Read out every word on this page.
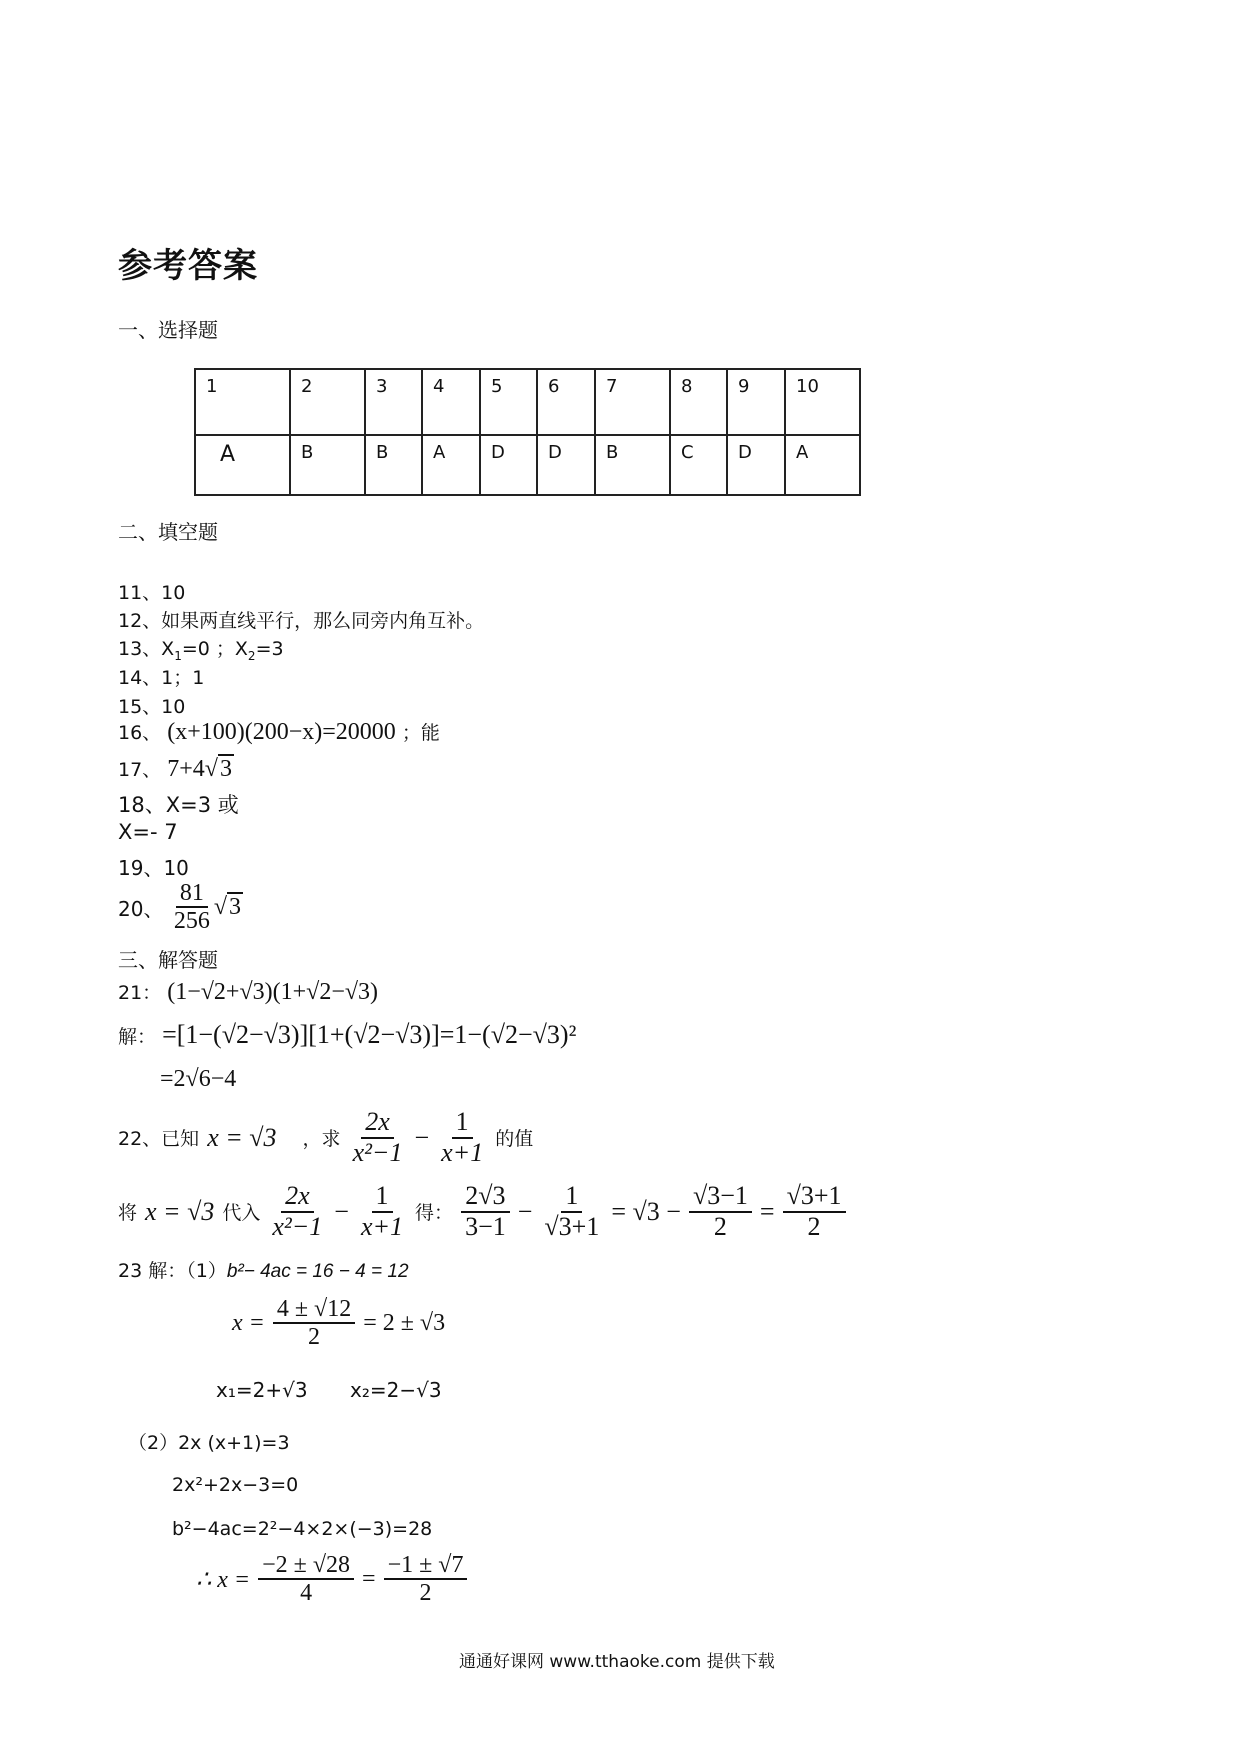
参考答案
一、选择题
1	2	3	4	5	6	7	8	9	10
A	B	B	A	D	D	B	C	D	A
二、填空题
11、10
12、如果两直线平行，那么同旁内角互补。
13、$X_1=0$ ；$X_2=3$
14、1；1
15、10
16、 (x+100)(200−x)=20000 ；能
17、 7+4√3
18、X=3 或
X=- 7
19、10
20、 $\frac{81}{256} √3$
三、解答题
21： (1−√2+√3)(1+√2−√3)
解： =[1−(√2−√3)][1+(√2−√3)]=1−(√2−√3)²
=2√6−4
22、已知 x = √3 ，求 $\frac{2x}{\text{x²−1}} - \frac{1}{x+1}$ 的值
将 x = √3 代入 $\frac{2x}{\text{x²−1}} - \frac{1}{x+1}$ 得： $\frac{2√3}{3-1} - \frac{1}{√3+1} = √3 - \frac{√3-1}{2} = \frac{√3+1}{2}$
23 解：（1）b²− 4ac = 16 − 4 = 12
$x = \frac{4 \pm √12}{2} = 2 \pm √3$
x₁=2+√3 x₂=2−√3
（2）2x (x+1)=3
2x²+2x−3=0
b²−4ac=2²−4×2×(−3)=28
∴ $x = \frac{-2 \pm √28}{4} = \frac{-1 \pm √7}{2}$
通通好课网 www.tthaoke.com 提供下载
